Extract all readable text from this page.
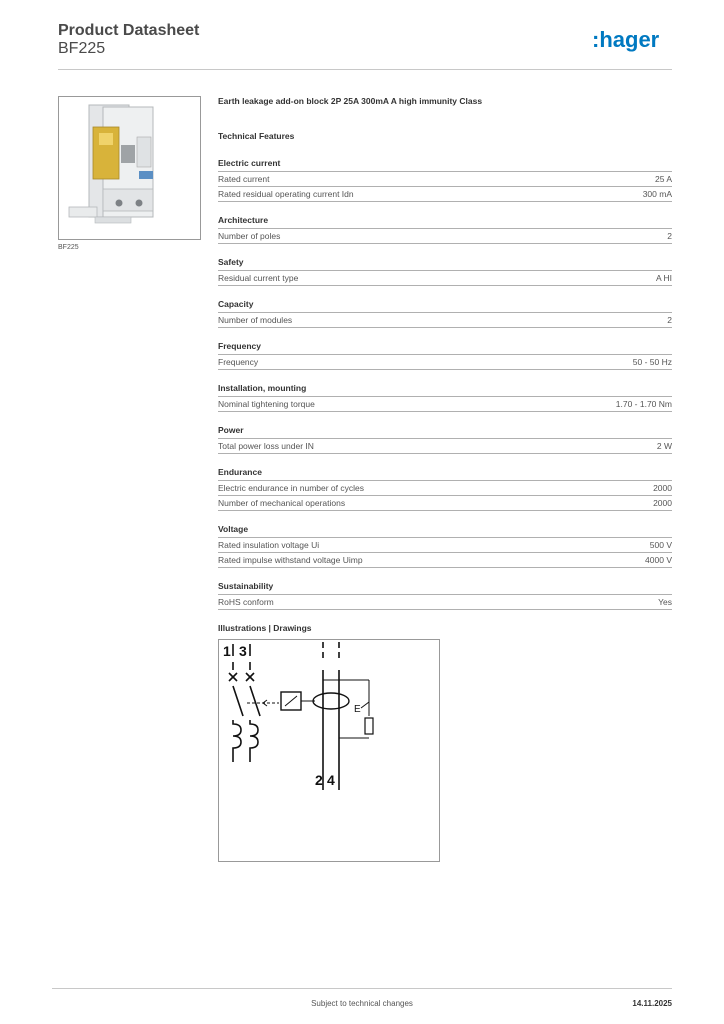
Product Datasheet
BF225	:hager
BF225
Earth leakage add-on block 2P 25A 300mA A high immunity Class
Technical Features
Electric current
Rated current	25 A
Rated residual operating current Idn	300 mA
Architecture
Number of poles	2
Safety
Residual current type	A HI
Capacity
Number of modules	2
Frequency
Frequency	50 - 50 Hz
Installation, mounting
Nominal tightening torque	1.70 - 1.70 Nm
Power
Total power loss under IN	2 W
Endurance
Electric endurance in number of cycles	2000
Number of mechanical operations	2000
Voltage
Rated insulation voltage Ui	500 V
Rated impulse withstand voltage Uimp	4000 V
Sustainability
RoHS conform	Yes
Illustrations | Drawings
1 3
E
2 4
Subject to technical changes	14.11.2025
